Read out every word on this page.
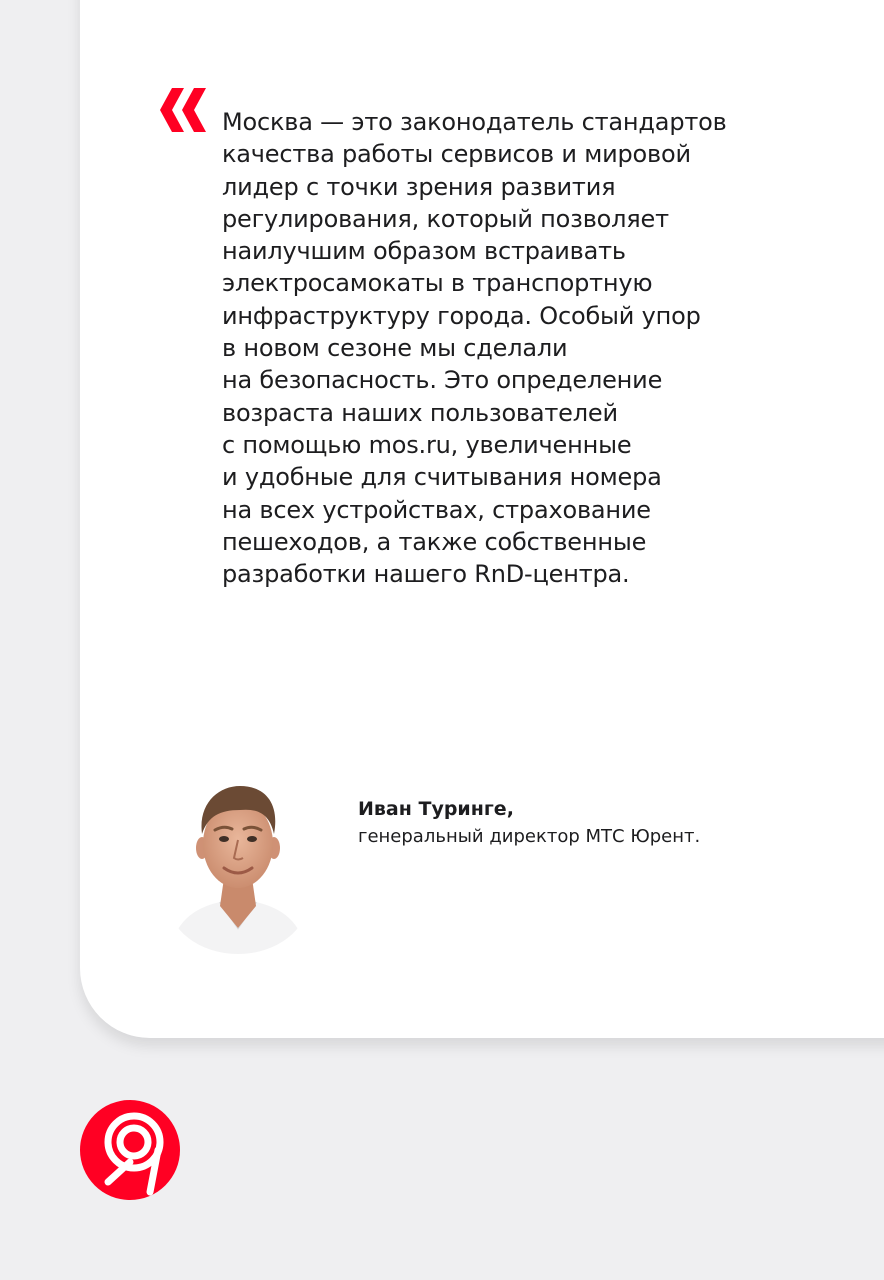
Москва — это законодатель стандартов
качества работы сервисов и мировой
лидер с точки зрения развития
регулирования, который позволяет
наилучшим образом встраивать
электросамокаты в транспортную
инфраструктуру города. Особый упор
в новом сезоне мы сделали
на безопасность. Это определение
возраста наших пользователей
с помощью mos.ru, увеличенные
и удобные для считывания номера
на всех устройствах, страхование
пешеходов, а также собственные
разработки нашего RnD-центра.

Иван Туринге,
генеральный директор МТС Юрент.
